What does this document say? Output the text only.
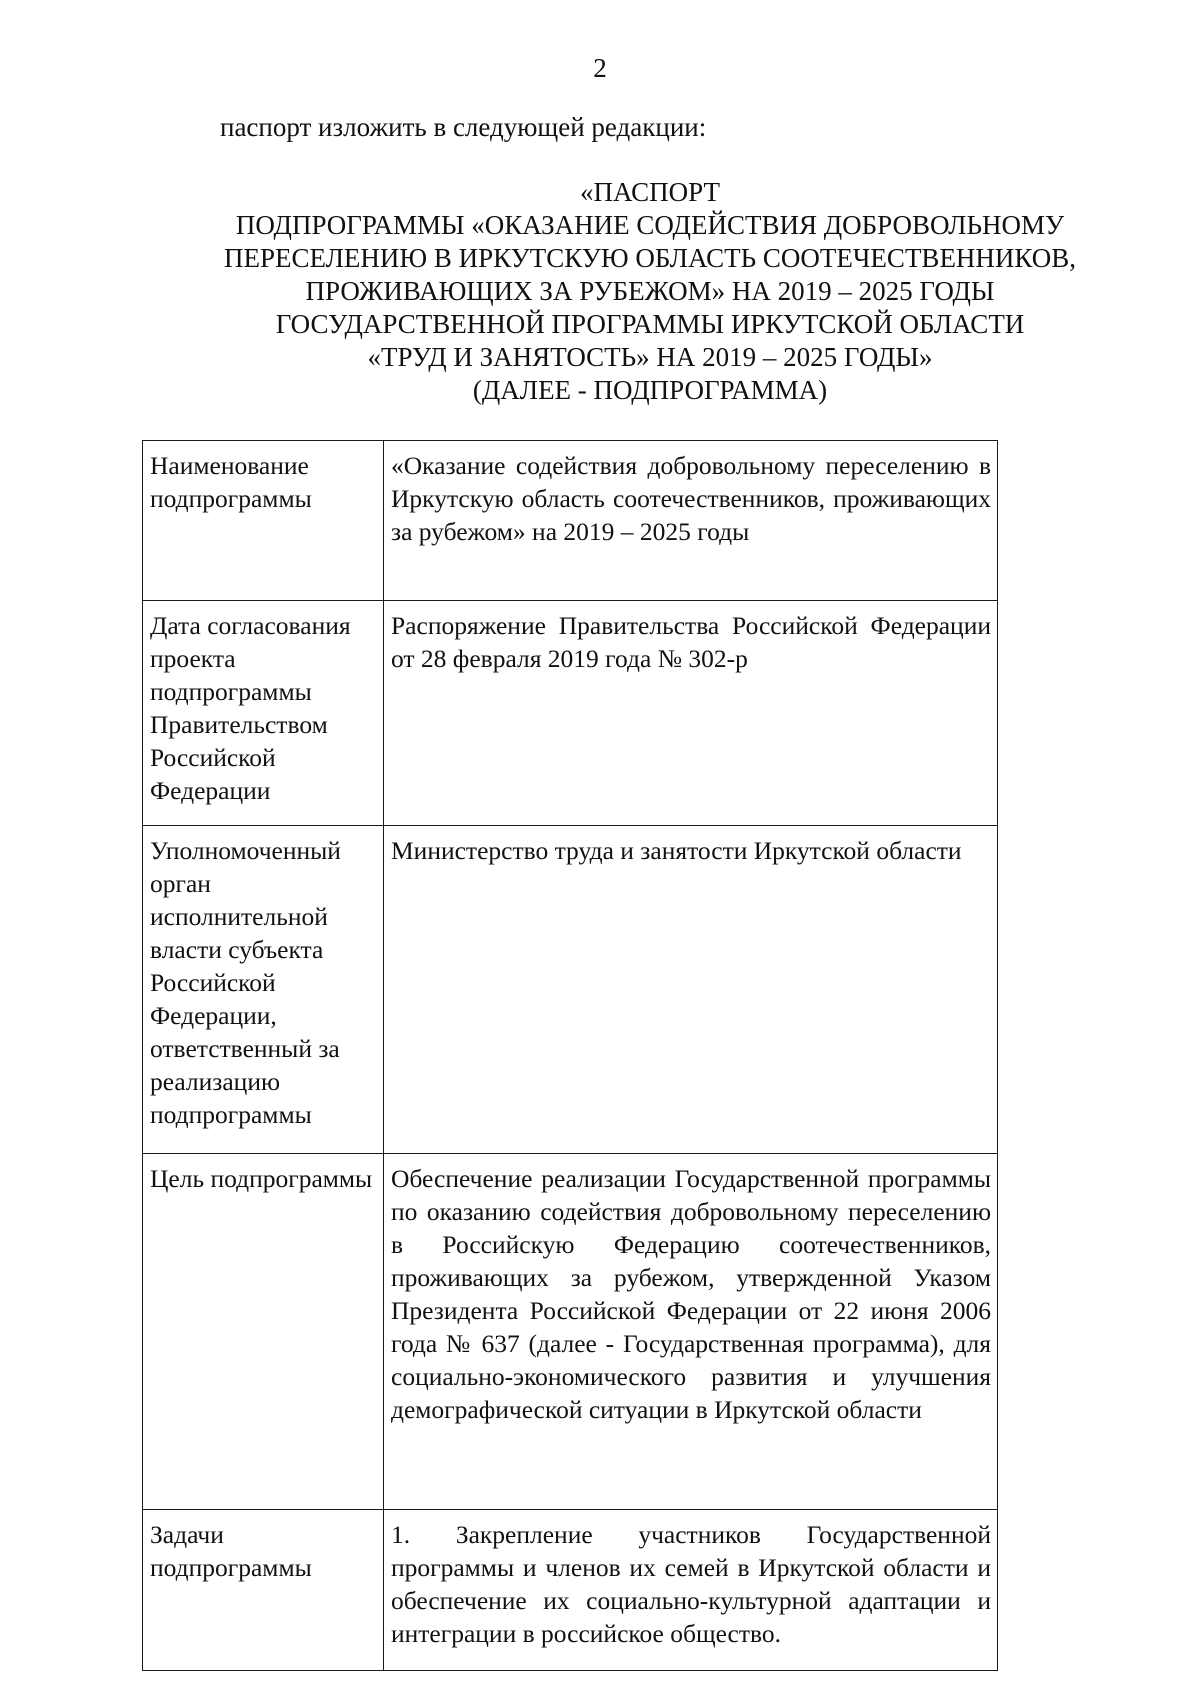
2
паспорт изложить в следующей редакции:
«ПАСПОРТ
ПОДПРОГРАММЫ «ОКАЗАНИЕ СОДЕЙСТВИЯ ДОБРОВОЛЬНОМУ
ПЕРЕСЕЛЕНИЮ В ИРКУТСКУЮ ОБЛАСТЬ СООТЕЧЕСТВЕННИКОВ,
ПРОЖИВАЮЩИХ ЗА РУБЕЖОМ» НА 2019 – 2025 ГОДЫ
ГОСУДАРСТВЕННОЙ ПРОГРАММЫ ИРКУТСКОЙ ОБЛАСТИ
«ТРУД И ЗАНЯТОСТЬ» НА 2019 – 2025 ГОДЫ»
(ДАЛЕЕ - ПОДПРОГРАММА)
Наименование подпрограммы	«Оказание содействия добровольному переселению в Иркутскую область соотечественников, проживающих за рубежом» на 2019 – 2025 годы
Дата согласования проекта подпрограммы Правительством Российской Федерации	Распоряжение Правительства Российской Федерации от 28 февраля 2019 года № 302-р
Уполномоченный орган исполнительной власти субъекта Российской Федерации, ответственный за реализацию подпрограммы	Министерство труда и занятости Иркутской области
Цель подпрограммы	Обеспечение реализации Государственной программы по оказанию содействия добровольному переселению в Российскую Федерацию соотечественников, проживающих за рубежом, утвержденной Указом Президента Российской Федерации от 22 июня 2006 года № 637 (далее - Государственная программа), для социально-экономического развития и улучшения демографической ситуации в Иркутской области
Задачи подпрограммы	1. Закрепление участников Государственной программы и членов их семей в Иркутской области и обеспечение их социально-культурной адаптации и интеграции в российское общество.
